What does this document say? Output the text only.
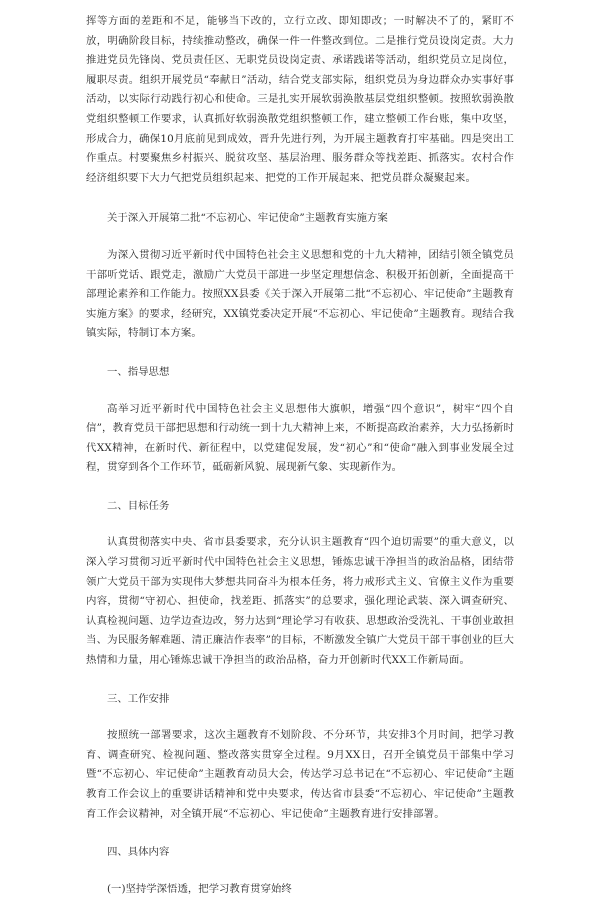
挥等方面的差距和不足，能够当下改的，立行立改、即知即改；一时解决不了的，紧盯不放，明确阶段目标，持续推动整改，确保一件一件整改到位。二是推行党员设岗定责。大力推进党员先锋岗、党员责任区、无职党员设岗定责、承诺践诺等活动，组织党员立足岗位，履职尽责。组织开展党员“奉献日”活动，结合党支部实际，组织党员为身边群众办实事好事活动，以实际行动践行初心和使命。三是扎实开展软弱涣散基层党组织整顿。按照软弱涣散党组织整顿工作要求，认真抓好软弱涣散党组织整顿工作，建立整顿工作台账，集中攻坚，形成合力，确保10月底前见到成效，晋升先进行列，为开展主题教育打牢基础。四是突出工作重点。村要聚焦乡村振兴、脱贫攻坚、基层治理、服务群众等找差距、抓落实。农村合作经济组织要下大力气把党员组织起来、把党的工作开展起来、把党员群众凝聚起来。

关于深入开展第二批“不忘初心、牢记使命”主题教育实施方案

为深入贯彻习近平新时代中国特色社会主义思想和党的十九大精神，团结引领全镇党员干部听党话、跟党走，激励广大党员干部进一步坚定理想信念、积极开拓创新，全面提高干部理论素养和工作能力。按照XX县委《关于深入开展第二批“不忘初心、牢记使命”主题教育实施方案》的要求，经研究，XX镇党委决定开展“不忘初心、牢记使命”主题教育。现结合我镇实际，特制订本方案。

一、指导思想

高举习近平新时代中国特色社会主义思想伟大旗帜，增强“四个意识”，树牢“四个自信”，教育党员干部把思想和行动统一到十九大精神上来，不断提高政治素养，大力弘扬新时代XX精神，在新时代、新征程中，以党建促发展，发“初心”和“使命”融入到事业发展全过程，贯穿到各个工作环节，砥砺新风貌、展现新气象、实现新作为。

二、目标任务

认真贯彻落实中央、省市县委要求，充分认识主题教育“四个迫切需要”的重大意义，以深入学习贯彻习近平新时代中国特色社会主义思想，锤炼忠诚干净担当的政治品格，团结带领广大党员干部为实现伟大梦想共同奋斗为根本任务，将力戒形式主义、官僚主义作为重要内容，贯彻“守初心、担使命，找差距、抓落实”的总要求，强化理论武装、深入调查研究、认真检视问题、边学边查边改，努力达到“理论学习有收获、思想政治受洗礼、干事创业敢担当、为民服务解难题、清正廉洁作表率”的目标，不断激发全镇广大党员干部干事创业的巨大热情和力量，用心锤炼忠诚干净担当的政治品格，奋力开创新时代XX工作新局面。

三、工作安排

按照统一部署要求，这次主题教育不划阶段、不分环节，共安排3个月时间，把学习教育、调查研究、检视问题、整改落实贯穿全过程。9月XX日，召开全镇党员干部集中学习暨“不忘初心、牢记使命”主题教育动员大会，传达学习总书记在“不忘初心、牢记使命”主题教育工作会议上的重要讲话精神和党中央要求，传达省市县委“不忘初心、牢记使命”主题教育工作会议精神，对全镇开展“不忘初心、牢记使命”主题教育进行安排部署。

四、具体内容

(一)坚持学深悟透，把学习教育贯穿始终
